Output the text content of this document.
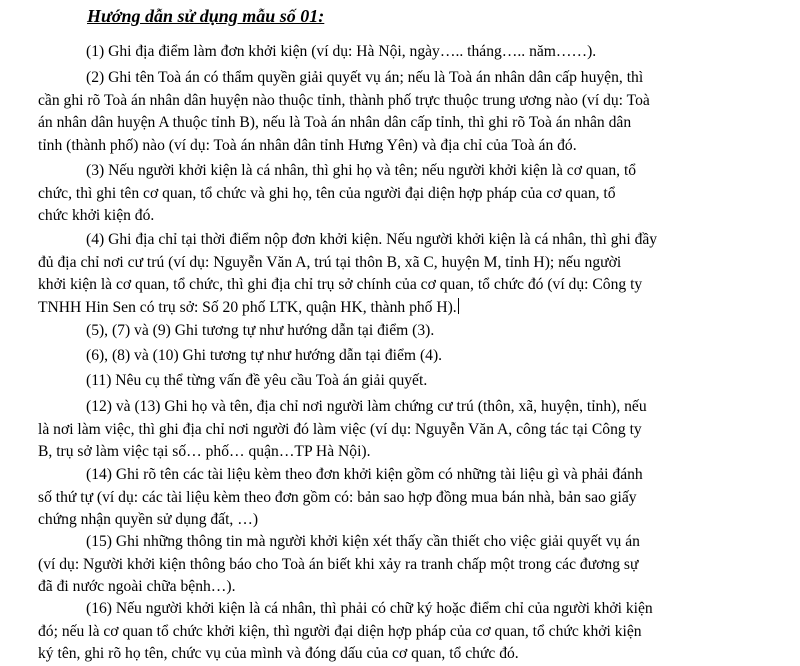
Hướng dẫn sử dụng mẫu số 01:
(1) Ghi địa điểm làm đơn khởi kiện (ví dụ: Hà Nội, ngày….. tháng….. năm……).
(2) Ghi tên Toà án có thẩm quyền giải quyết vụ án; nếu là Toà án nhân dân cấp huyện, thì
cần ghi rõ Toà án nhân dân huyện nào thuộc tỉnh, thành phố trực thuộc trung ương nào (ví dụ: Toà
án nhân dân huyện A thuộc tỉnh B), nếu là Toà án nhân dân cấp tỉnh, thì ghi rõ Toà án nhân dân
tỉnh (thành phố) nào (ví dụ: Toà án nhân dân tỉnh Hưng Yên) và địa chỉ của Toà án đó.
(3) Nếu người khởi kiện là cá nhân, thì ghi họ và tên; nếu người khởi kiện là cơ quan, tổ
chức, thì ghi tên cơ quan, tổ chức và ghi họ, tên của người đại diện hợp pháp của cơ quan, tổ
chức khởi kiện đó.
(4) Ghi địa chỉ tại thời điểm nộp đơn khởi kiện. Nếu người khởi kiện là cá nhân, thì ghi đầy
đủ địa chỉ nơi cư trú (ví dụ: Nguyễn Văn A, trú tại thôn B, xã C, huyện M, tỉnh H); nếu người
khởi kiện là cơ quan, tổ chức, thì ghi địa chỉ trụ sở chính của cơ quan, tổ chức đó (ví dụ: Công ty
TNHH Hin Sen có trụ sở: Số 20 phố LTK, quận HK, thành phố H).
(5), (7) và (9) Ghi tương tự như hướng dẫn tại điểm (3).
(6), (8) và (10) Ghi tương tự như hướng dẫn tại điểm (4).
(11) Nêu cụ thể từng vấn đề yêu cầu Toà án giải quyết.
(12) và (13) Ghi họ và tên, địa chỉ nơi người làm chứng cư trú (thôn, xã, huyện, tỉnh), nếu
là nơi làm việc, thì ghi địa chỉ nơi người đó làm việc (ví dụ: Nguyễn Văn A, công tác tại Công ty
B, trụ sở làm việc tại số… phố… quận…TP Hà Nội).
(14) Ghi rõ tên các tài liệu kèm theo đơn khởi kiện gồm có những tài liệu gì và phải đánh
số thứ tự (ví dụ: các tài liệu kèm theo đơn gồm có: bản sao hợp đồng mua bán nhà, bản sao giấy
chứng nhận quyền sử dụng đất, …)
(15) Ghi những thông tin mà người khởi kiện xét thấy cần thiết cho việc giải quyết vụ án
(ví dụ: Người khởi kiện thông báo cho Toà án biết khi xảy ra tranh chấp một trong các đương sự
đã đi nước ngoài chữa bệnh…).
(16) Nếu người khởi kiện là cá nhân, thì phải có chữ ký hoặc điểm chỉ của người khởi kiện
đó; nếu là cơ quan tổ chức khởi kiện, thì người đại diện hợp pháp của cơ quan, tổ chức khởi kiện
ký tên, ghi rõ họ tên, chức vụ của mình và đóng dấu của cơ quan, tổ chức đó.
